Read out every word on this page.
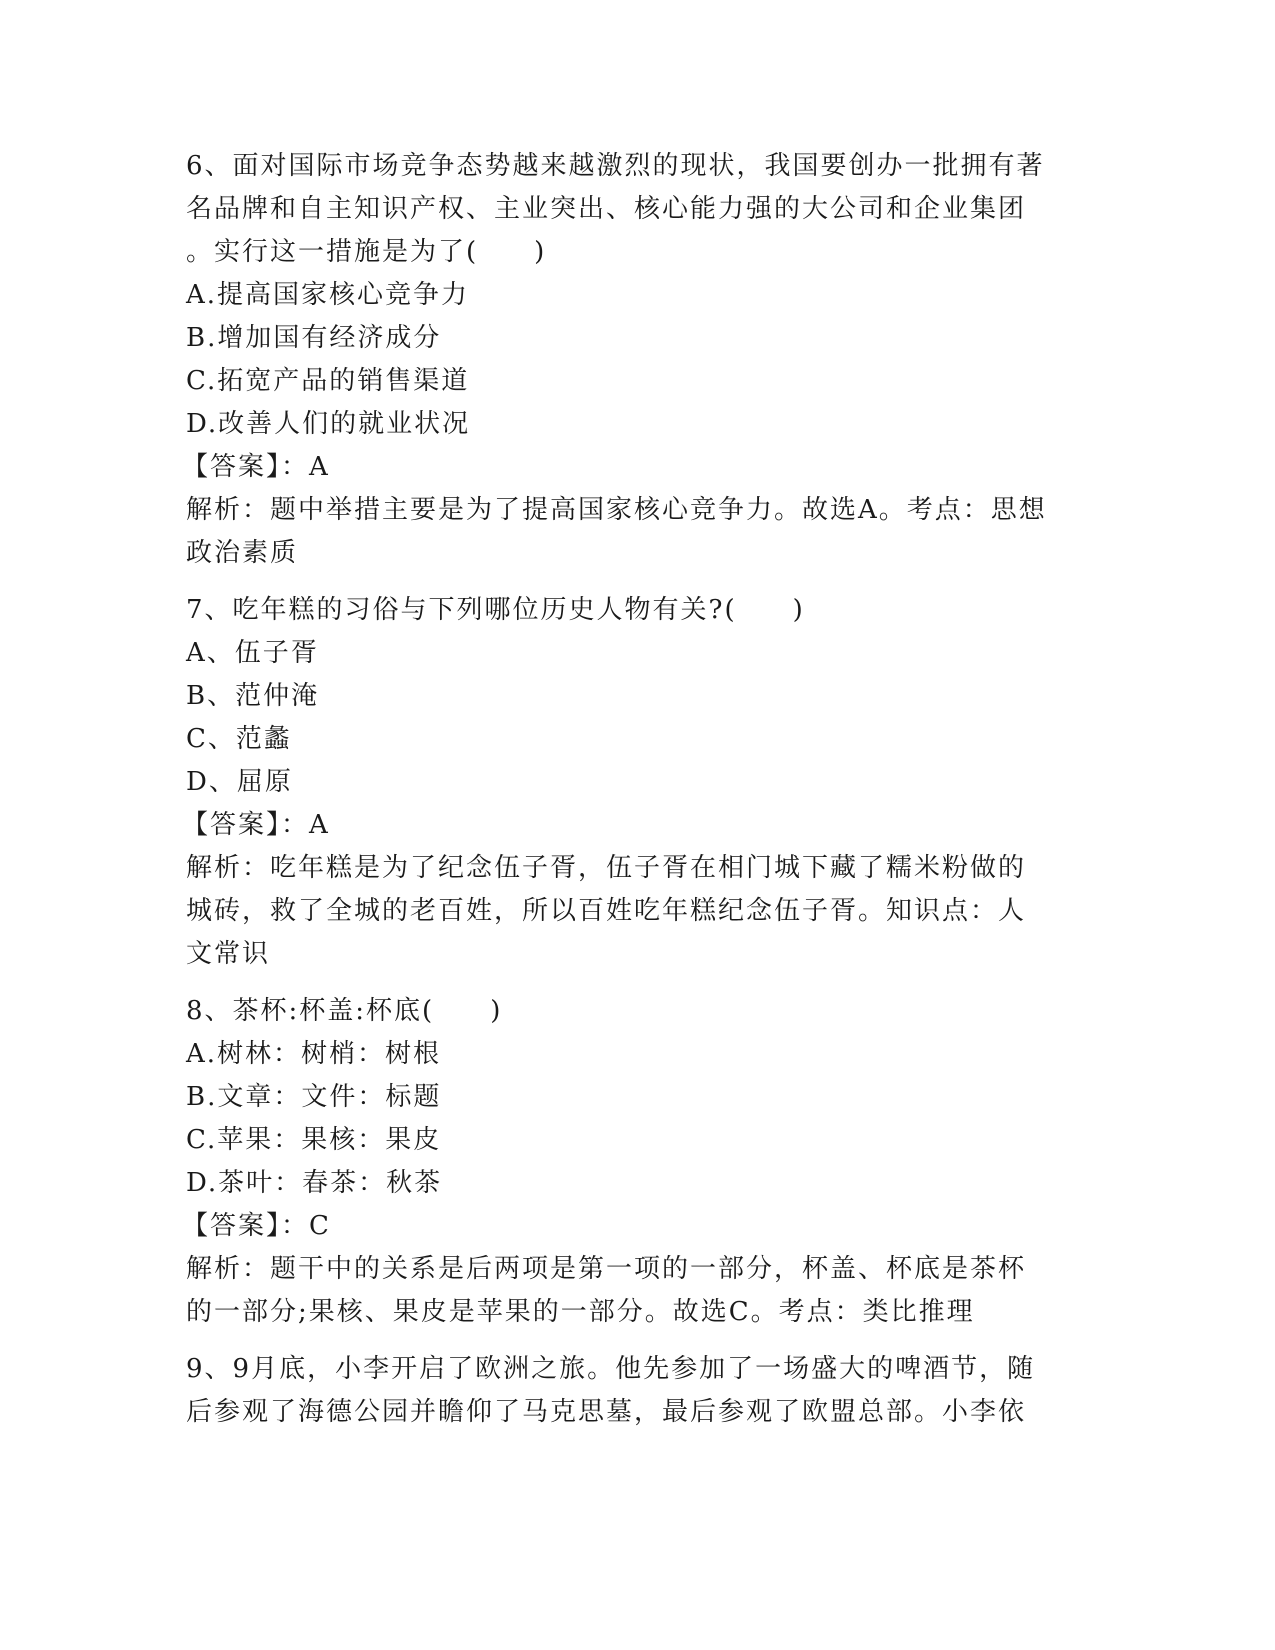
6、面对国际市场竞争态势越来越激烈的现状，我国要创办一批拥有著
名品牌和自主知识产权、主业突出、核心能力强的大公司和企业集团
。实行这一措施是为了(　　)
A.提高国家核心竞争力
B.增加国有经济成分
C.拓宽产品的销售渠道
D.改善人们的就业状况
【答案】：A
解析：题中举措主要是为了提高国家核心竞争力。故选A。考点：思想
政治素质
7、吃年糕的习俗与下列哪位历史人物有关?(　　)
A、伍子胥
B、范仲淹
C、范蠡
D、屈原
【答案】：A
解析：吃年糕是为了纪念伍子胥，伍子胥在相门城下藏了糯米粉做的
城砖，救了全城的老百姓，所以百姓吃年糕纪念伍子胥。知识点：人
文常识
8、茶杯:杯盖:杯底(　　)
A.树林：树梢：树根
B.文章：文件：标题
C.苹果：果核：果皮
D.茶叶：春茶：秋茶
【答案】：C
解析：题干中的关系是后两项是第一项的一部分，杯盖、杯底是茶杯
的一部分;果核、果皮是苹果的一部分。故选C。考点：类比推理
9、9月底，小李开启了欧洲之旅。他先参加了一场盛大的啤酒节，随
后参观了海德公园并瞻仰了马克思墓，最后参观了欧盟总部。小李依
